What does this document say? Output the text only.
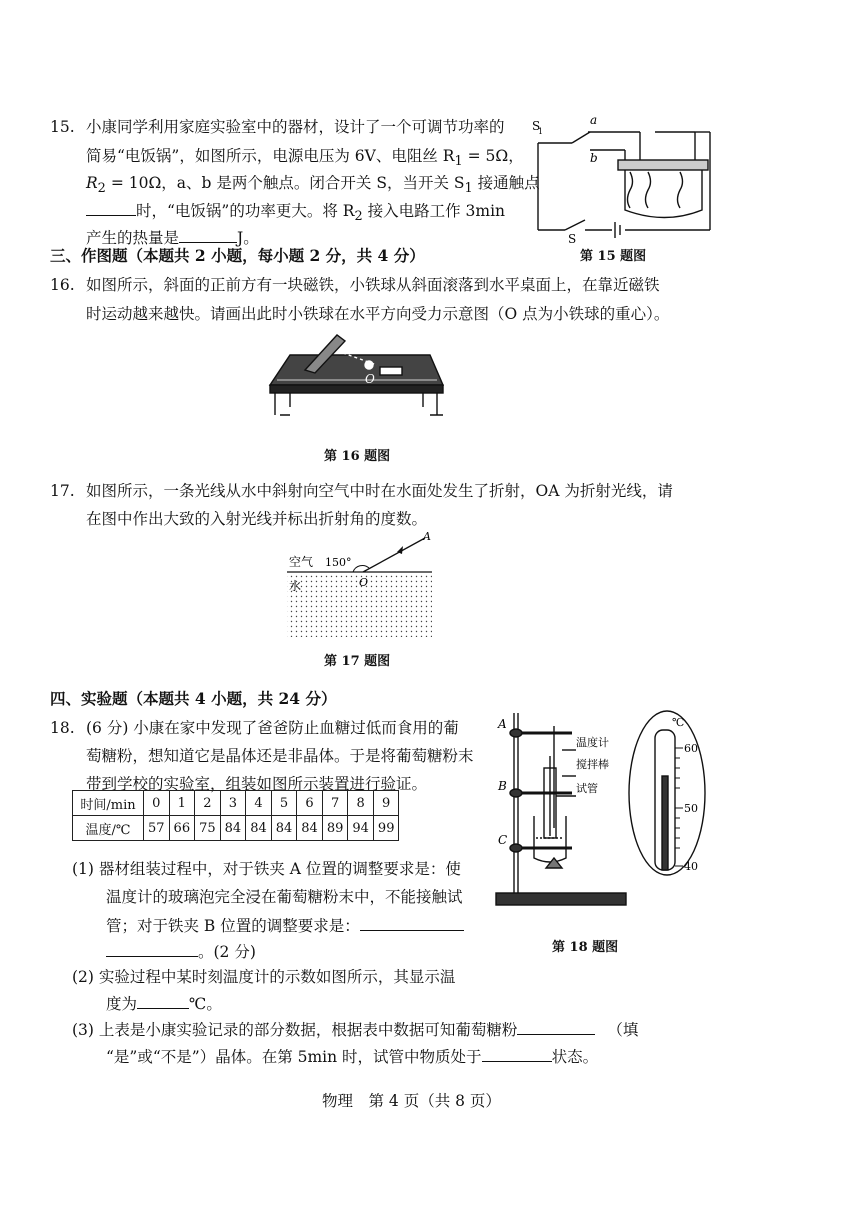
15. 小康同学利用家庭实验室中的器材，设计了一个可调节功率的
简易“电饭锅”，如图所示，电源电压为 6V、电阻丝 $R_1 = 5\Omega$，
$R_2 = 10\Omega$，a、b 是两个触点。闭合开关 S，当开关 $S_1$ 接通触点
时，“电饭锅”的功率更大。将 $R_2$ 接入电路工作 3min
产生的热量是	J。
S
1
a
b
S
第 15 题图
三、作图题（本题共 2 小题，每小题 2 分，共 4 分）
16. 如图所示，斜面的正前方有一块磁铁，小铁球从斜面滚落到水平桌面上，在靠近磁铁
时运动越来越快。请画出此时小铁球在水平方向受力示意图（O 点为小铁球的重心）。
O
第 16 题图
17. 如图所示，一条光线从水中斜射向空气中时在水面处发生了折射，OA 为折射光线，请
在图中作出大致的入射光线并标出折射角的度数。
空气
水
150°
A
O
第 17 题图
四、实验题（本题共 4 小题，共 24 分）
18. (6 分) 小康在家中发现了爸爸防止血糖过低而食用的葡
萄糖粉，想知道它是晶体还是非晶体。于是将葡萄糖粉末
带到学校的实验室，组装如图所示装置进行验证。
时间/min	0	1	2	3	4	5	6	7	8	9
温度/℃	57	66	75	84	84	84	84	89	94	99
(1) 器材组装过程中，对于铁夹 A 位置的调整要求是：使
温度计的玻璃泡完全浸在葡萄糖粉末中，不能接触试
管；对于铁夹 B 位置的调整要求是：
。(2 分)
(2) 实验过程中某时刻温度计的示数如图所示，其显示温
度为	℃。
(3) 上表是小康实验记录的部分数据，根据表中数据可知葡萄糖粉	（填
“是”或“不是”）晶体。在第 5min 时，试管中物质处于	状态。
A
B
C
温度计
搅拌棒
试管
℃
60
50
40
第 18 题图
物理　第 4 页（共 8 页）
